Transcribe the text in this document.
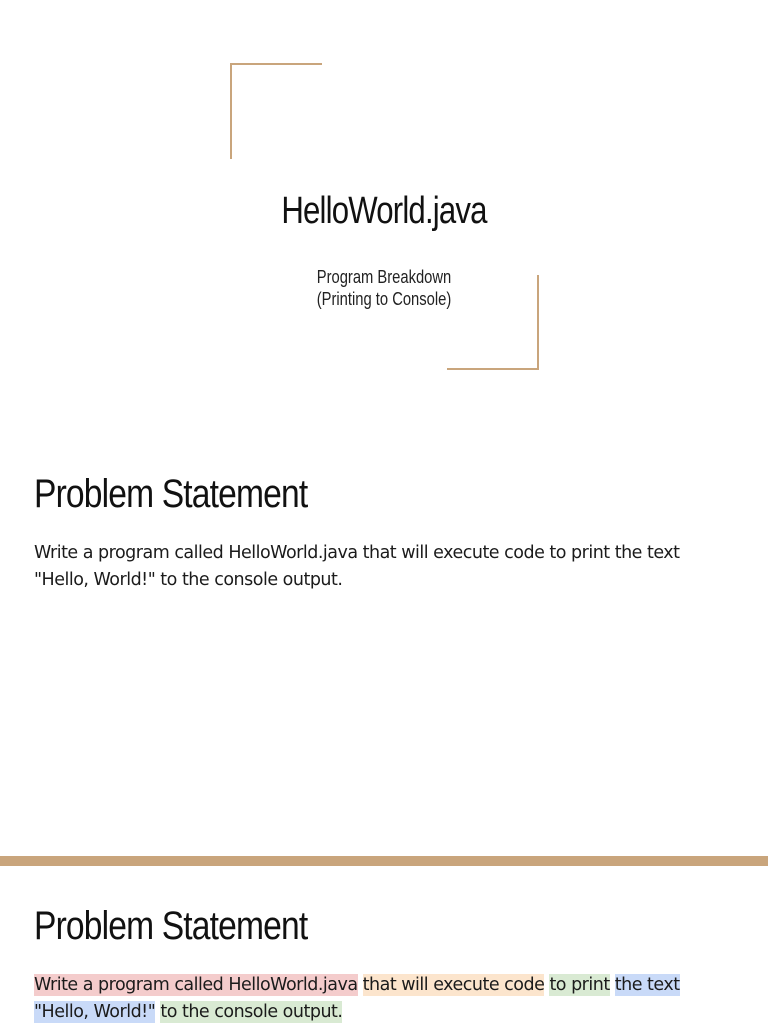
HelloWorld.java
Program Breakdown
(Printing to Console)
Problem Statement
Write a program called HelloWorld.java that will execute code to print the text "Hello, World!" to the console output.
Problem Statement
Write a program called HelloWorld.java that will execute code to print the text "Hello, World!" to the console output.
